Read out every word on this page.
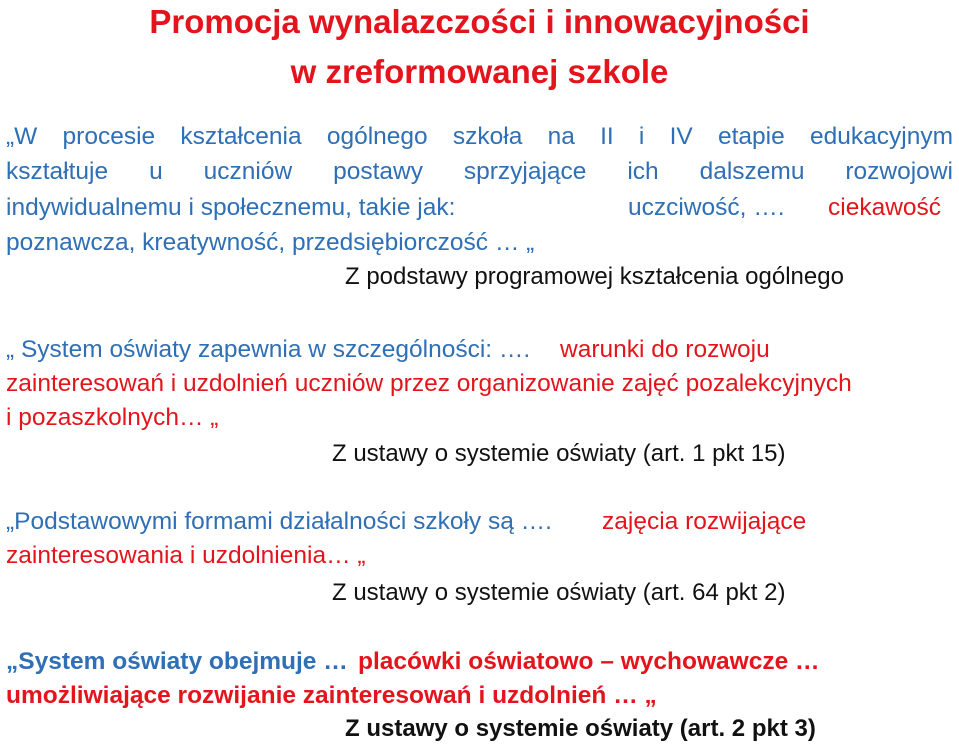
Promocja wynalazczości i innowacyjności
w zreformowanej szkole
„W procesie kształcenia ogólnego szkoła na II i IV etapie edukacyjnym
kształtuje u uczniów postawy sprzyjające ich dalszemu rozwojowi
indywidualnemu i społecznemu, takie jak:	uczciwość, …. ciekawość
poznawcza, kreatywność, przedsiębiorczość … „
Z podstawy programowej kształcenia ogólnego
„ System oświaty zapewnia w szczególności: …. warunki do rozwoju
zainteresowań i uzdolnień uczniów przez organizowanie zajęć pozalekcyjnych
i pozaszkolnych… „
Z ustawy o systemie oświaty (art. 1 pkt 15)
„Podstawowymi formami działalności szkoły są …. zajęcia rozwijające
zainteresowania i uzdolnienia… „
Z ustawy o systemie oświaty (art. 64 pkt 2)
„System oświaty obejmuje … placówki oświatowo – wychowawcze …
umożliwiające rozwijanie zainteresowań i uzdolnień … „
Z ustawy o systemie oświaty (art. 2 pkt 3)
